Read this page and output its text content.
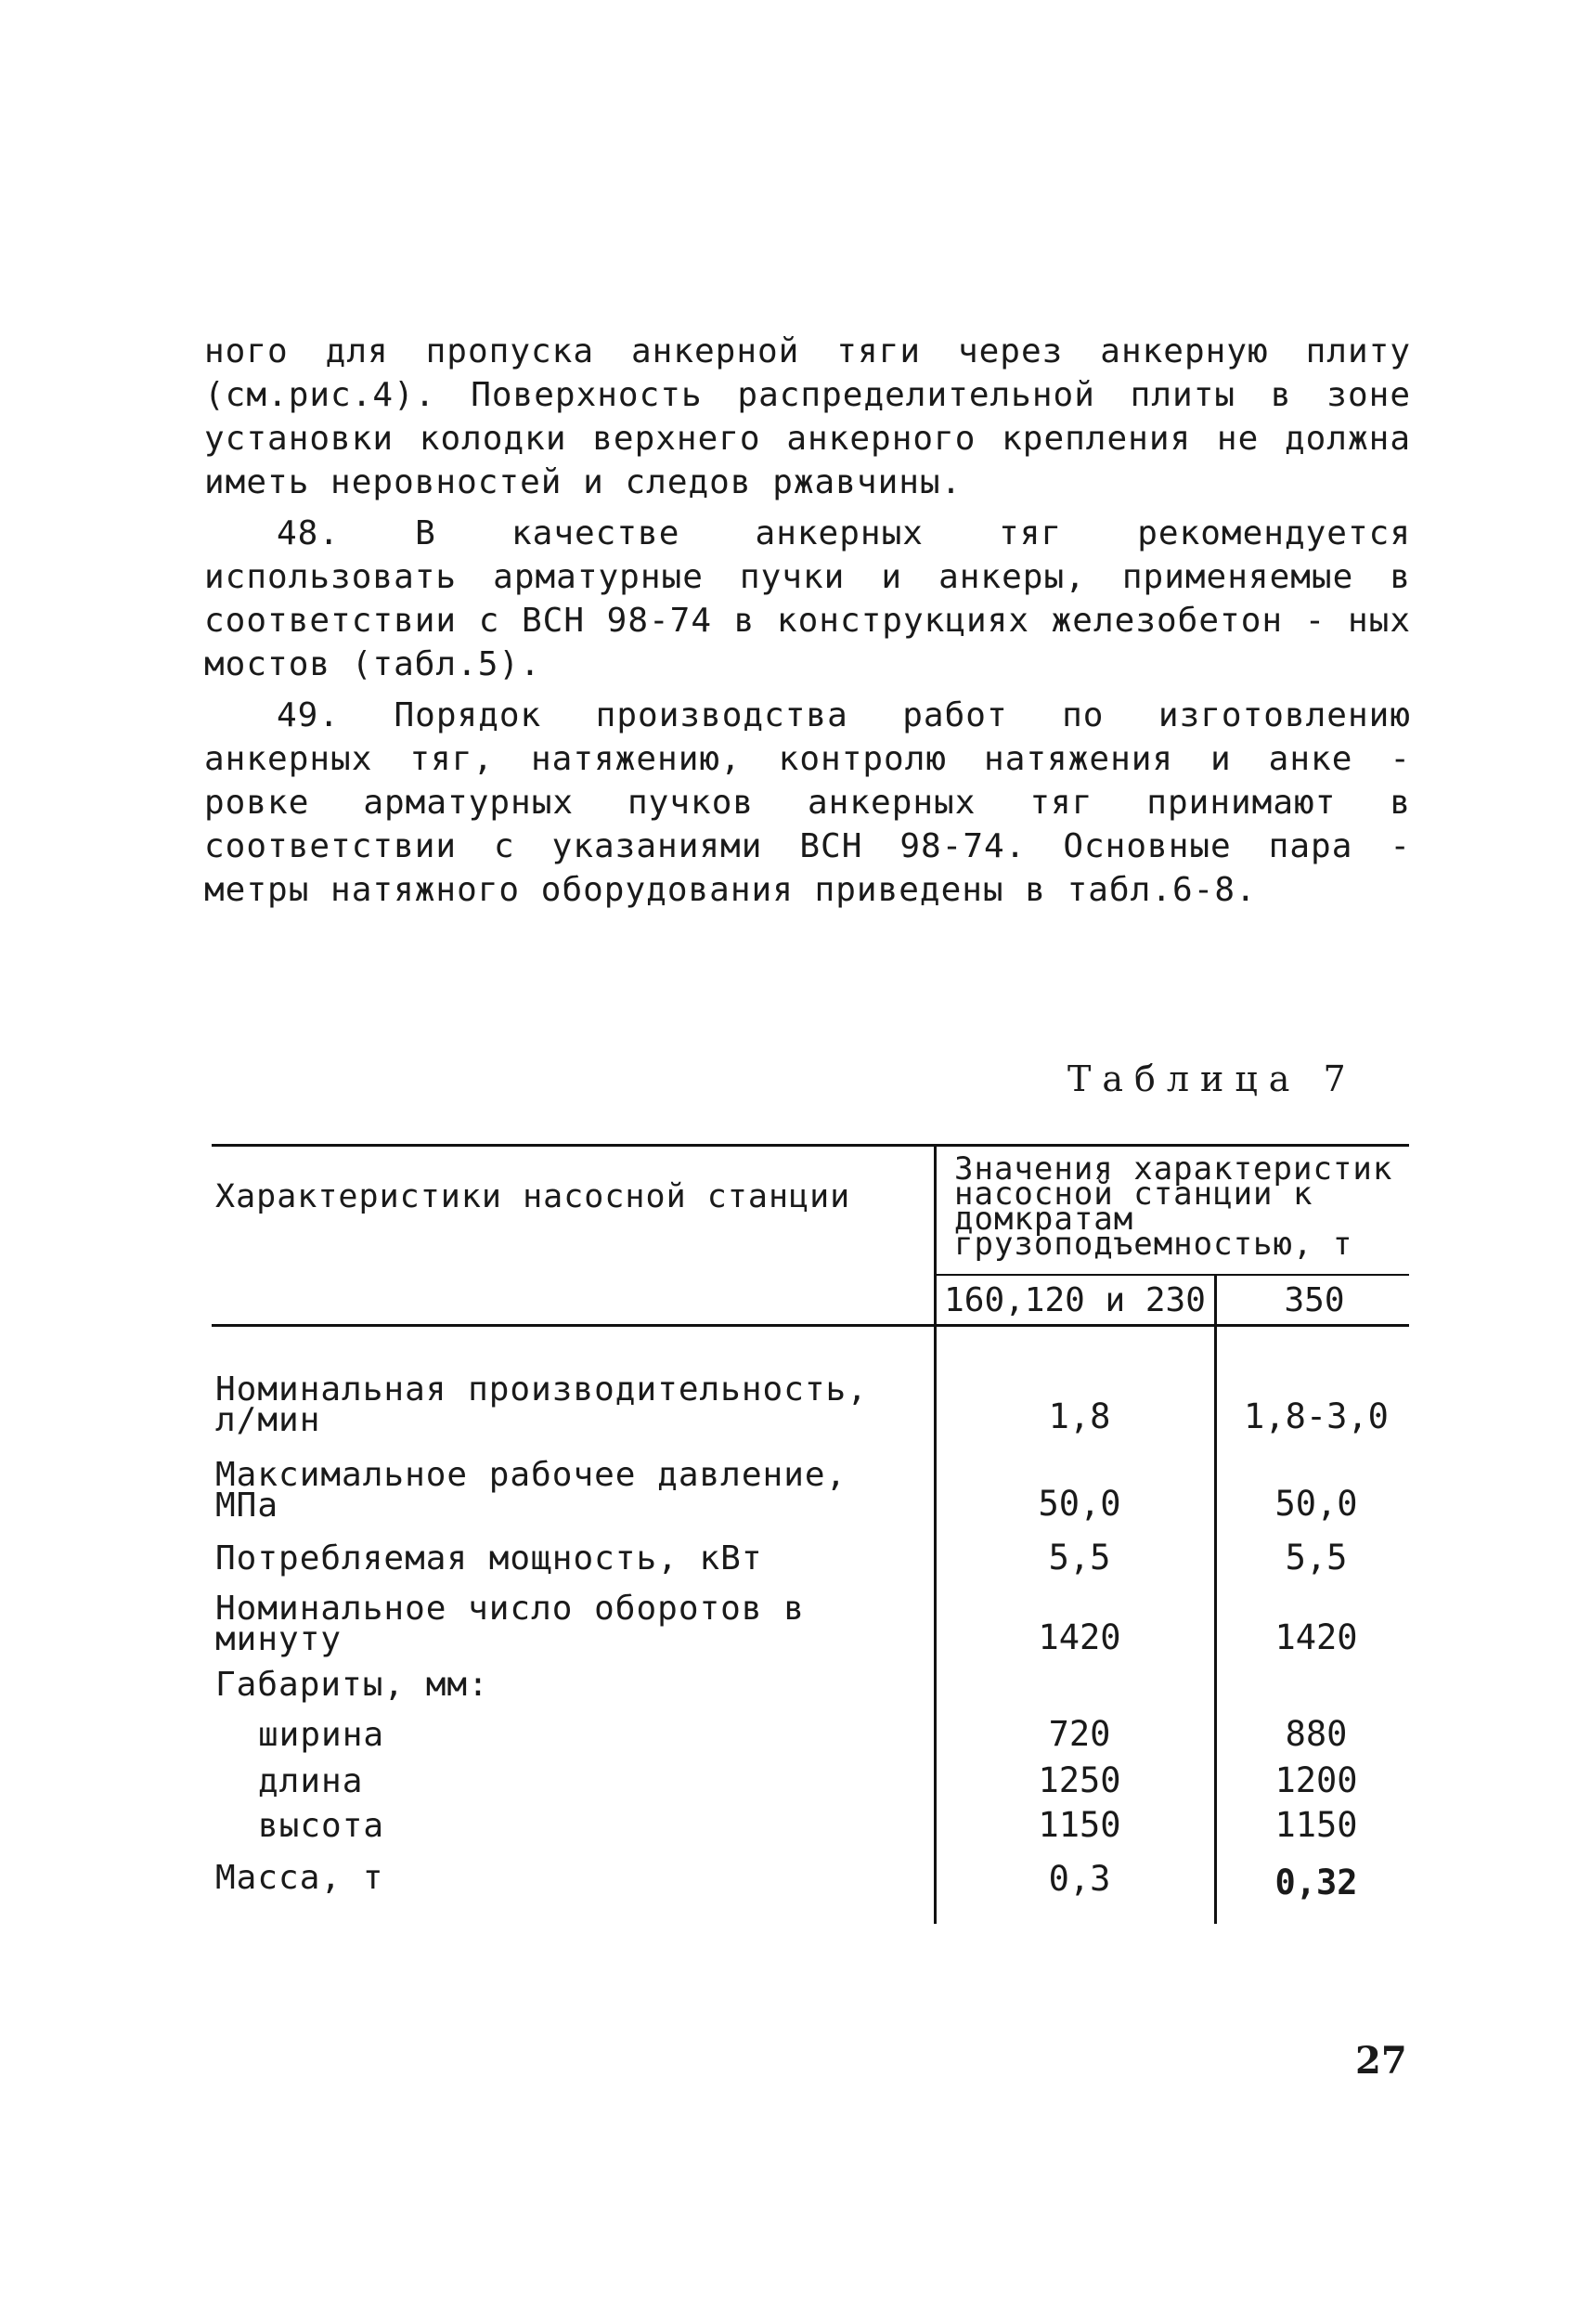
ного для пропуска анкерной тяги через анкерную плиту (см.рис.4). Поверхность распределительной плиты в зоне установки колодки верхнего анкерного крепления не должна иметь неровностей и следов ржавчины.

48. В качестве анкерных тяг рекомендуется использовать арматурные пучки и анкеры, применяемые в соответствии с ВСН 98-74 в конструкциях железобетон - ных мостов (табл.5).

49. Порядок производства работ по изготовлению анкерных тяг, натяжению, контролю натяжения и анке - ровке арматурных пучков анкерных тяг принимают в соответствии с указаниями ВСН 98-74. Основные пара - метры натяжного оборудования приведены в табл.6-8.

Таблица 7
Характеристики насосной станции
Значения характеристик насосной станции к домкратам грузоподъемностью, т
160,120 и 230	350
Номинальная производительность, л/мин	1,8	1,8-3,0
Максимальное рабочее давление, МПа	50,0	50,0
Потребляемая мощность, кВт	5,5	5,5
Номинальное число оборотов в минуту	1420	1420
Габариты, мм:
ширина	720	880
длина	1250	1200
высота	1150	1150
Масса, т	0,3	0,32
27
